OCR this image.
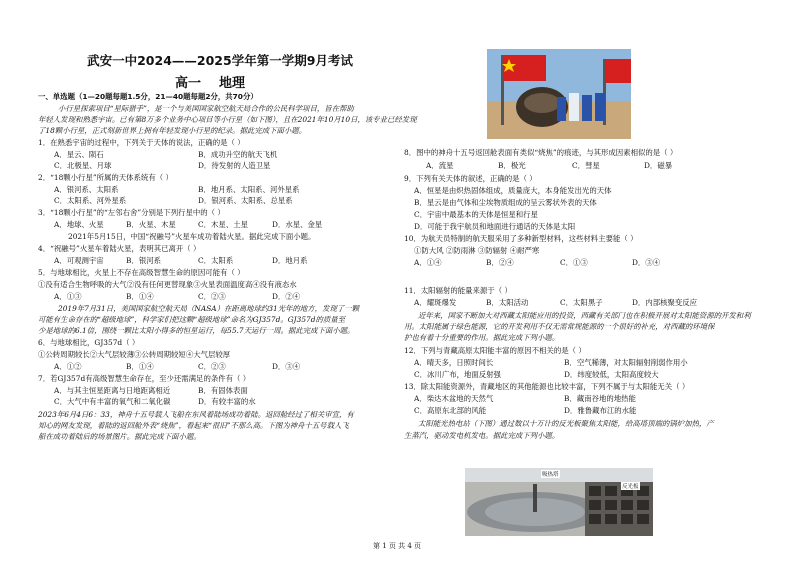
武安一中2024——2025学年第一学期9月考试
高一    地理
一、单选题（1—20题每题1.5分，21—40题每题2分，共70分）
小行星探索项目“星际猎手”，是一个与美国国家航空航天局合作的公民科学项目，旨在帮助
年轻人发现和熟悉宇宙。已有第8万多个业务中心项目等小行星（如下图），且在2021年10月10日，该专业已经发现
了18颗小行星，正式刻新世界上拥有年轻发现小行星的纪录。据此完成下面小题。
1．在熟悉宇宙的过程中，下列关于天体的说法，正确的是（ ）
A．星云、陨石	B．成功升空的航天飞机
C．北极星、月球	D．待发射的人造卫星
2．“18颗小行星”所属的天体系统有（ ）
A．银河系、太阳系	B．地月系、太阳系、河外星系
C．太阳系、河外星系	D．银河系、太阳系、总星系
3．“18颗小行星”的“左邻右舍”分别是下列行星中的（ ）
A．地球、火星	B．火星、木星	C．木星、土星	D．水星、金星
2021年5月15日，中国“祝融号”火星车成功着陆火星。据此完成下面小题。
4．“祝融号”火星车着陆火星，表明其已离开（ ）
A．可观测宇宙	B．银河系	C．太阳系	D．地月系
5．与地球相比，火星上不存在高级智慧生命的原因可能有（ ）
①没有适合生物呼吸的大气②没有任何更替现象③火星表面温度高④没有液态水
A．①③	B．①④	C．②③	D．②④
2019年7月31日，美国国家航空航天局（NASA）在距离地球约31光年的地方，发现了一颗
可能有生命存在的“超级地球”，科学家们把这颗“超级地球”命名为GJ357d。GJ357d的质量至
少是地球的6.1倍，围绕一颗比太阳小得多的恒星运行，每55.7天运行一周。据此完成下面小题。
6．与地球相比，GJ357d（ ）
①公转周期较长②大气层较薄③公转周期较短④大气层较厚
A．①②	B．①④	C．②③	D．③④
7．若GJ357d有高级智慧生命存在，至少还需满足的条件有（ ）
A．与其主恒星距离与日地距离相近	B．有固体表面
C．大气中有丰富的氧气和二氧化碳	D．有较丰富的水
2023年6月4日6：33，神舟十五号载人飞船在东风着陆场成功着陆。返回舱经过了相关审宣，有
知心的网友发现，着陆的返回舱外表“烧焦”，看起来“很旧”不那么高。下图为神舟十五号载人飞
船在成功着陆后的场景图片。据此完成下面小题。
8．图中的神舟十五号返回舱表面有类似“烧焦”的痕迹，与其形成因素相似的是（ ）
A．流星	B．极光	C．彗星	D．磁暴
9．下列有关天体的叙述，正确的是（ ）
A．恒星是由炽热固体组成，质量庞大，本身能发出光的天体
B．星云是由气体和尘埃物质组成的呈云雾状外表的天体
C．宇宙中最基本的天体是恒星和行星
D．可能于我宇航员和地面进行通话的天体是太阳
10．为航天员特制的航天服采用了多种新型材料，这些材料主要能（ ）
①防大风 ②防雨淋 ③防辐射 ④耐严寒
A．①④	B．②④	C．①③	D．③④
11．太阳辐射的能量来源于（ ）
A．耀斑爆发	B．太阳活动	C．太阳黑子	D．内部核聚变反应
近年来，国家不断加大对西藏太阳能应用的投资，西藏有关部门也在积极开展对太阳能资源的开发和利
用。太阳能属于绿色能源，它的开发利用不仅无需常规能源的一个很好的补充，对西藏的环境保
护也有着十分重要的作用。据此完成下列小题。
12．下列与青藏高原太阳能丰富的原因不相关的是（ ）
A．晴天多，日照时间长	B．空气稀薄，对太阳辐射削弱作用小
C．冰川广布，地面反射强	D．纬度较低，太阳高度较大
13．除太阳能资源外，青藏地区的其他能源也比较丰富，下列不属于与太阳能无关（ ）
A．柴达木盆地的天然气	B．藏南谷地的地热能
C．高原东北部的风能	D．雅鲁藏布江的水能
太阳能光热电站（下图）通过数以十万计的反光板聚焦太阳能，给高塔顶端的锅炉加热，产
生蒸汽，驱动发电机发电。据此完成下列小题。
吸热塔
反光板
第 1 页 共 4 页
